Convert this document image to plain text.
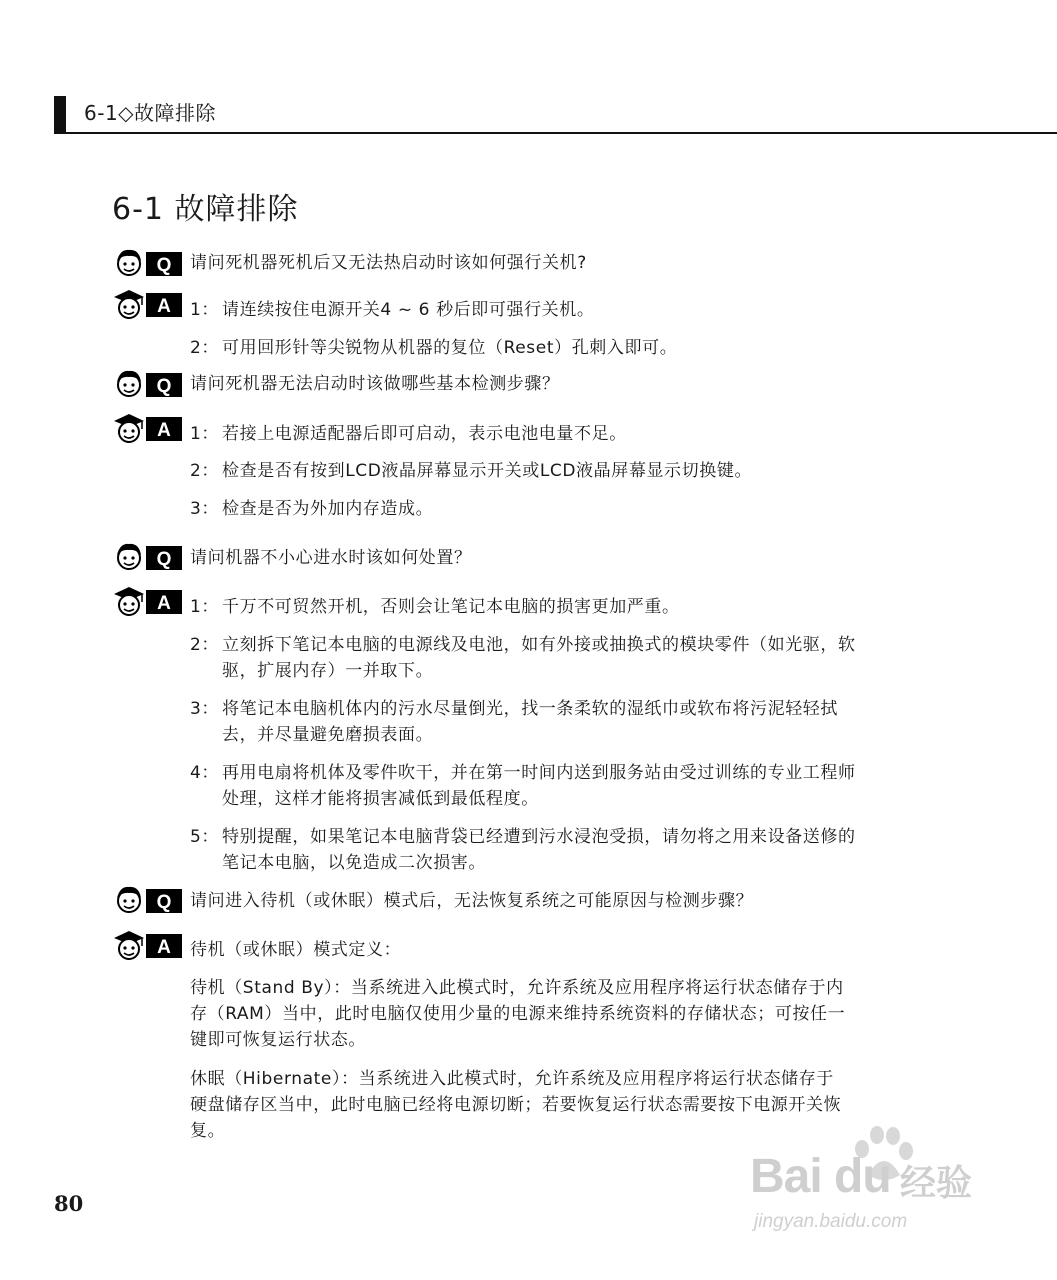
6-1◇故障排除
6-1 故障排除
Q 请问死机器死机后又无法热启动时该如何强行关机?
A 1： 请连续按住电源开关4 ~ 6 秒后即可强行关机。
2： 可用回形针等尖锐物从机器的复位（Reset）孔刺入即可。
Q 请问死机器无法启动时该做哪些基本检测步骤？
A 1： 若接上电源适配器后即可启动，表示电池电量不足。
2： 检查是否有按到LCD液晶屏幕显示开关或LCD液晶屏幕显示切换键。
3： 检查是否为外加内存造成。
Q 请问机器不小心进水时该如何处置？
A 1： 千万不可贸然开机，否则会让笔记本电脑的损害更加严重。
2： 立刻拆下笔记本电脑的电源线及电池，如有外接或抽换式的模块零件（如光驱，软
驱，扩展内存）一并取下。
3： 将笔记本电脑机体内的污水尽量倒光，找一条柔软的湿纸巾或软布将污泥轻轻拭
去，并尽量避免磨损表面。
4： 再用电扇将机体及零件吹干，并在第一时间内送到服务站由受过训练的专业工程师
处理，这样才能将损害减低到最低程度。
5： 特别提醒，如果笔记本电脑背袋已经遭到污水浸泡受损，请勿将之用来设备送修的
笔记本电脑，以免造成二次损害。
Q 请问进入待机（或休眠）模式后，无法恢复系统之可能原因与检测步骤？
A 待机（或休眠）模式定义：
待机（Stand By）：当系统进入此模式时，允许系统及应用程序将运行状态储存于内
存（RAM）当中，此时电脑仅使用少量的电源来维持系统资料的存储状态；可按任一
键即可恢复运行状态。
休眠（Hibernate）：当系统进入此模式时，允许系统及应用程序将运行状态储存于
硬盘储存区当中，此时电脑已经将电源切断；若要恢复运行状态需要按下电源开关恢
复。
80
Bai du 经验
jingyan.baidu.com
